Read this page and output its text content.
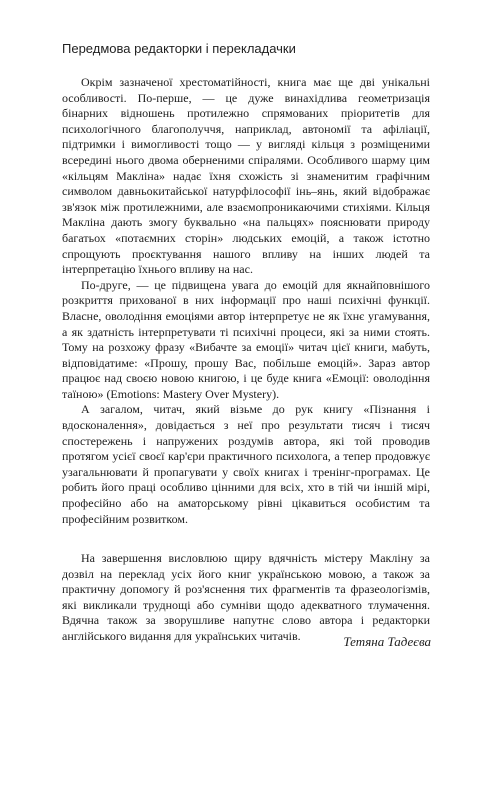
Передмова редакторки і перекладачки

Окрім зазначеної хрестоматійності, книга має ще дві унікальні особливості. По-перше, — це дуже винахідлива геометризація бінарних відношень протилежно спрямованих пріоритетів для психологічного благополуччя, наприклад, автономії та афіліації, підтримки і вимогливості тощо — у вигляді кільця з розміщеними всередині нього двома оберненими спіралями. Особливого шарму цим «кільцям Макліна» надає їхня схожість зі знаменитим графічним символом давньокитайської натурфілософії інь–янь, який відображає зв'язок між протилежними, але взаємопроникаючими стихіями. Кільця Макліна дають змогу буквально «на пальцях» пояснювати природу багатьох «потаємних сторін» людських емоцій, а також істотно спрощують проєктування нашого впливу на інших людей та інтерпретацію їхнього впливу на нас.

По-друге, — це підвищена увага до емоцій для якнайповнішого розкриття прихованої в них інформації про наші психічні функції. Власне, оволодіння емоціями автор інтерпретує не як їхнє угамування, а як здатність інтерпретувати ті психічні процеси, які за ними стоять. Тому на розхожу фразу «Вибачте за емоції» читач цієї книги, мабуть, відповідатиме: «Прошу, прошу Вас, побільше емоцій». Зараз автор працює над своєю новою книгою, і це буде книга «Емоції: оволодіння таїною» (Emotions: Mastery Over Mystery).

А загалом, читач, який візьме до рук книгу «Пізнання і вдосконалення», довідається з неї про результати тисяч і тисяч спостережень і напружених роздумів автора, які той проводив протягом усієї своєї кар'єри практичного психолога, а тепер продовжує узагальнювати й пропагувати у своїх книгах і тренінг-програмах. Це робить його праці особливо цінними для всіх, хто в тій чи іншій мірі, професійно або на аматорському рівні цікавиться особистим та професійним розвитком.

На завершення висловлюю щиру вдячність містеру Макліну за дозвіл на переклад усіх його книг українською мовою, а також за практичну допомогу й роз'яснення тих фрагментів та фразеологізмів, які викликали труднощі або сумніви щодо адекватного тлумачення. Вдячна також за зворушливе напутнє слово автора і редакторки англійського видання для українських читачів.	Тетяна Тадеєва
